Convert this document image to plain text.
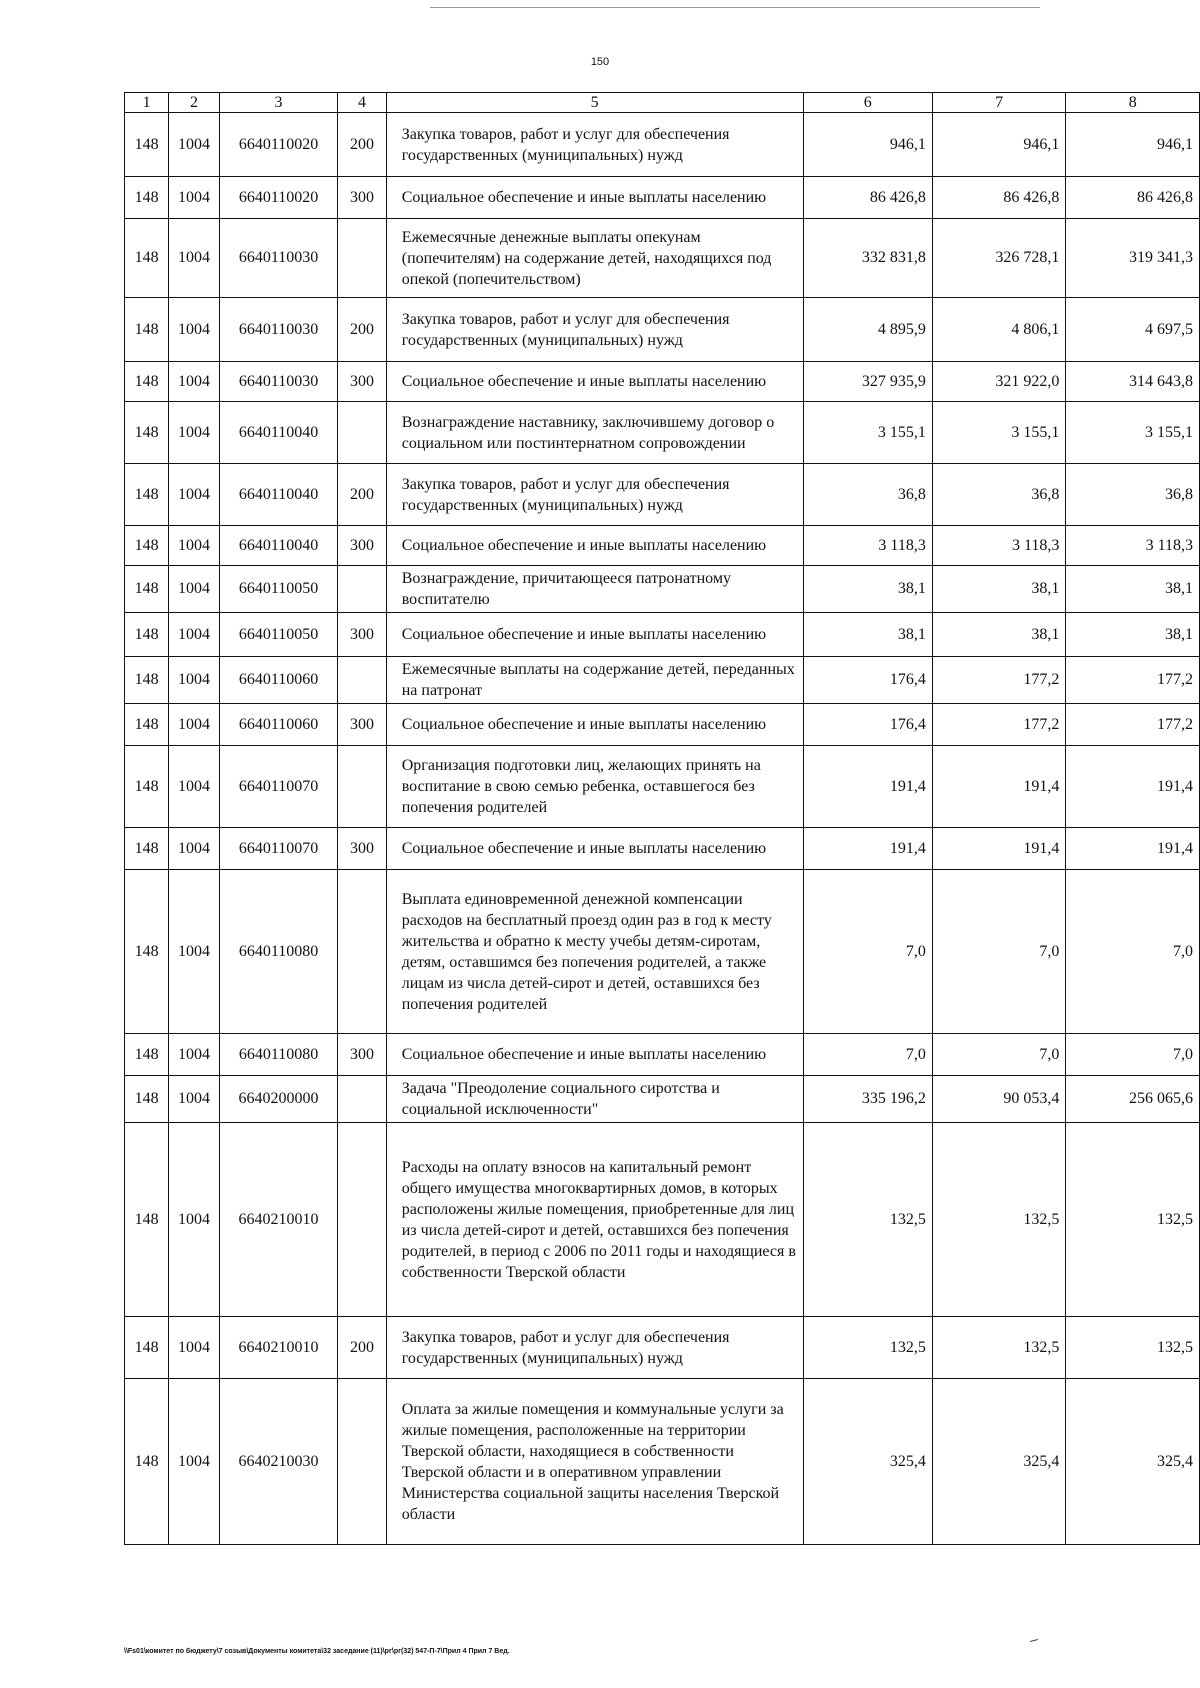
150
1	2	3	4	5	6	7	8
148	1004	6640110020	200	Закупка товаров, работ и услуг для обеспечения государственных (муниципальных) нужд	946,1	946,1	946,1
148	1004	6640110020	300	Социальное обеспечение и иные выплаты населению	86 426,8	86 426,8	86 426,8
148	1004	6640110030		Ежемесячные денежные выплаты опекунам (попечителям) на содержание детей, находящихся под опекой (попечительством)	332 831,8	326 728,1	319 341,3
148	1004	6640110030	200	Закупка товаров, работ и услуг для обеспечения государственных (муниципальных) нужд	4 895,9	4 806,1	4 697,5
148	1004	6640110030	300	Социальное обеспечение и иные выплаты населению	327 935,9	321 922,0	314 643,8
148	1004	6640110040		Вознаграждение наставнику, заключившему договор о социальном или постинтернатном сопровождении	3 155,1	3 155,1	3 155,1
148	1004	6640110040	200	Закупка товаров, работ и услуг для обеспечения государственных (муниципальных) нужд	36,8	36,8	36,8
148	1004	6640110040	300	Социальное обеспечение и иные выплаты населению	3 118,3	3 118,3	3 118,3
148	1004	6640110050		Вознаграждение, причитающееся патронатному воспитателю	38,1	38,1	38,1
148	1004	6640110050	300	Социальное обеспечение и иные выплаты населению	38,1	38,1	38,1
148	1004	6640110060		Ежемесячные выплаты на содержание детей, переданных на патронат	176,4	177,2	177,2
148	1004	6640110060	300	Социальное обеспечение и иные выплаты населению	176,4	177,2	177,2
148	1004	6640110070		Организация подготовки лиц, желающих принять на воспитание в свою семью ребенка, оставшегося без попечения родителей	191,4	191,4	191,4
148	1004	6640110070	300	Социальное обеспечение и иные выплаты населению	191,4	191,4	191,4
148	1004	6640110080		Выплата единовременной денежной компенсации расходов на бесплатный проезд один раз в год к месту жительства и обратно к месту учебы детям-сиротам, детям, оставшимся без попечения родителей, а также лицам из числа детей-сирот и детей, оставшихся без попечения родителей	7,0	7,0	7,0
148	1004	6640110080	300	Социальное обеспечение и иные выплаты населению	7,0	7,0	7,0
148	1004	6640200000		Задача "Преодоление социального сиротства и социальной исключенности"	335 196,2	90 053,4	256 065,6
148	1004	6640210010		Расходы на оплату взносов на капитальный ремонт общего имущества многоквартирных домов, в которых расположены жилые помещения, приобретенные для лиц из числа детей-сирот и детей, оставшихся без попечения родителей, в период с 2006 по 2011 годы и находящиеся в собственности Тверской области	132,5	132,5	132,5
148	1004	6640210010	200	Закупка товаров, работ и услуг для обеспечения государственных (муниципальных) нужд	132,5	132,5	132,5
148	1004	6640210030		Оплата за жилые помещения и коммунальные услуги за жилые помещения, расположенные на территории Тверской области, находящиеся в собственности Тверской области и в оперативном управлении Министерства социальной защиты населения Тверской области	325,4	325,4	325,4
\\Fs01\комитет по бюджету\7 созыв\Документы комитета\32 заседание (11)\рг\рг(32) 547-П-7\Прил 4 Прил 7 Вед.
